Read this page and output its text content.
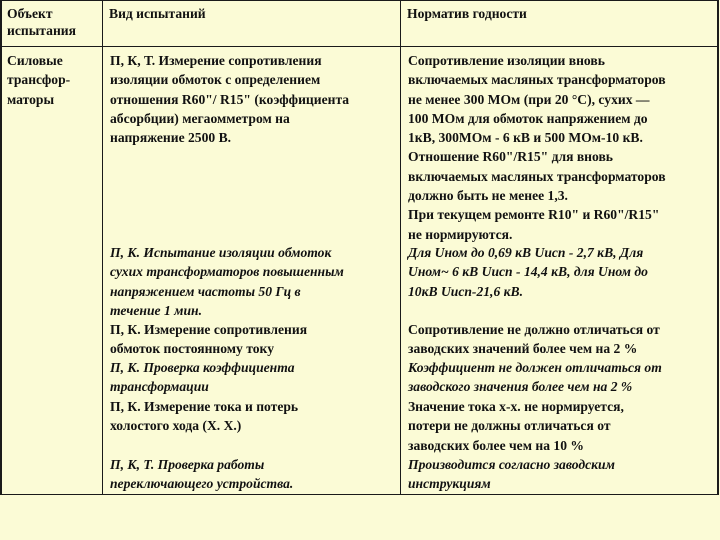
Объект
испытания
Вид испытаний	Норматив годности
Силовые
трансфор-
маторы
П, К, Т. Измерение сопротивления
изоляции обмоток с определением
отношения R60"/ R15" (коэффициента
абсорбции) мегаомметром на
напряжение 2500 В.
П, К. Испытание изоляции обмоток
сухих трансформаторов повышенным
напряжением частоты 50 Гц в
течение 1 мин.
П, К. Измерение сопротивления
обмоток постоянному току
П, К. Проверка коэффициента
трансформации
П, К. Измерение тока и потерь
холостого хода (X. X.)
П, К, Т. Проверка работы
переключающего устройства.
Сопротивление изоляции вновь
включаемых масляных трансформаторов
не менее 300 МОм (при 20 °С), сухих —
100 МОм для обмоток напряжением до
1кВ, 300МОм - 6 кВ и 500 МОм-10 кВ.
Отношение R60"/R15" для вновь
включаемых масляных трансформаторов
должно быть не менее 1,3.
При текущем ремонте R10" и R60"/R15"
не нормируются.
Для Uном до 0,69 кВ Uисп - 2,7 кВ, Для
Uном~ 6 кВ Uисп - 14,4 кВ, для Uном до
10кВ Uисп-21,6 кВ.
Сопротивление не должно отличаться от
заводских значений более чем на 2 %
Коэффициент не должен отличаться от
заводского значения более чем на 2 %
Значение тока х-х. не нормируется,
потери не должны отличаться от
заводских более чем на 10 %
Производится согласно заводским
инструкциям
